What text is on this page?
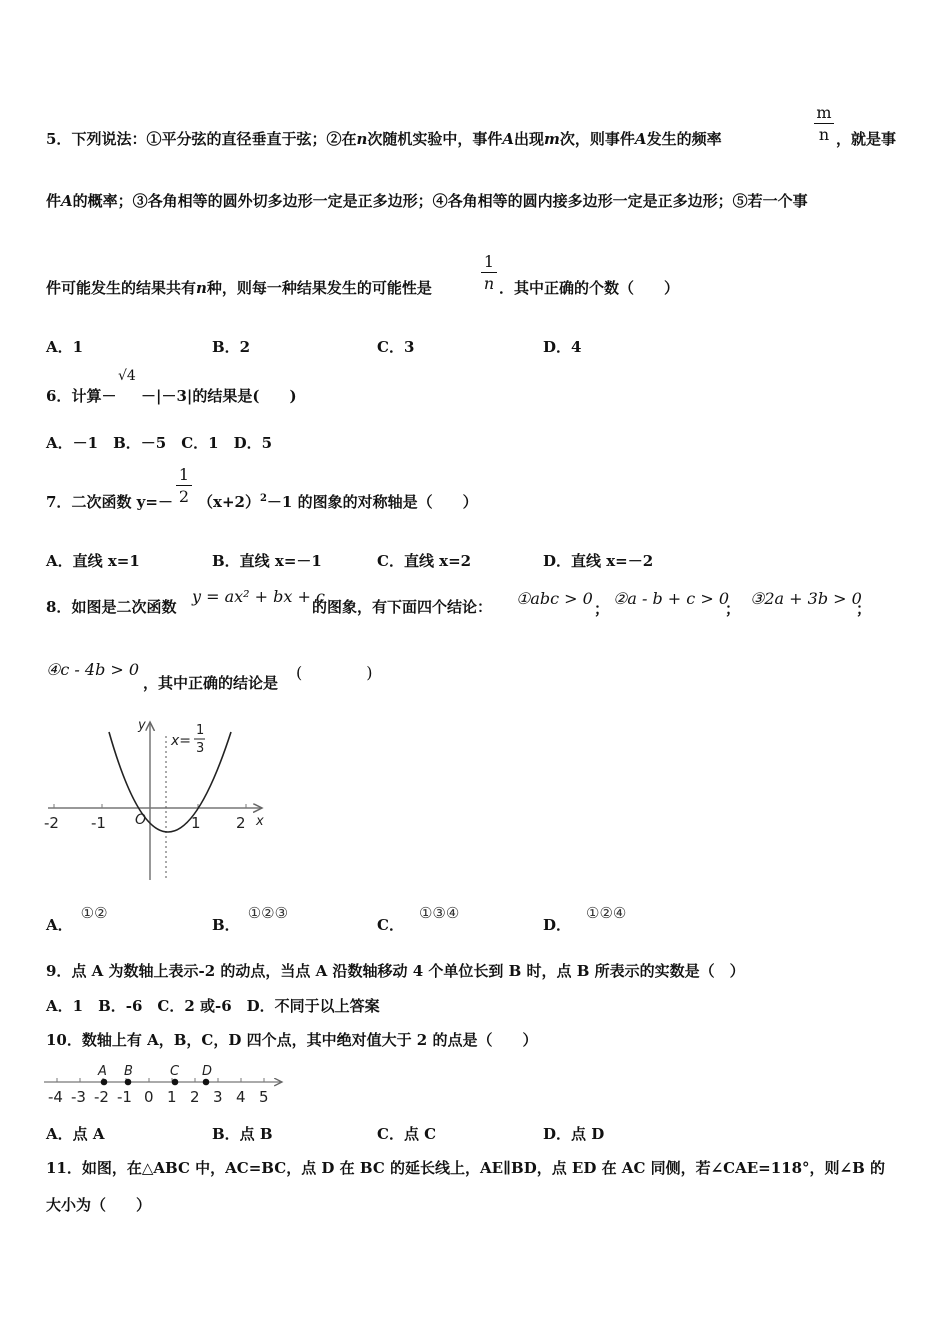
5．下列说法：①平分弦的直径垂直于弦；②在n次随机实验中，事件A出现m次，则事件A发生的频率
m
n ，就是事
件A的概率；③各角相等的圆外切多边形一定是正多边形；④各角相等的圆内接多边形一定是正多边形；⑤若一个事
件可能发生的结果共有n种，则每一种结果发生的可能性是
1
n ．其中正确的个数（　　）
A．1	B．2	C．3	D．4
6．计算－
√4
－|－3|的结果是(　　)
A．－1　B．－5　C．1　D．5
7．二次函数 y=－
1
2 $(x+2)^2-1$ 的图象的对称轴是（　　）
A．直线 x=1	B．直线 x=－1	C．直线 x=2	D．直线 x=－2
8．如图是二次函数
y = ax² + bx + c
的图象，有下面四个结论： ①abc > 0
；
②a - b + c > 0
；
③2a + 3b > 0
；
④c - 4b > 0
，其中正确的结论是
(　　　　)
-2 -1 O	1 2 x
y
x=
1
3
A．①②
B．①②③
C．①③④
D．①②④
9．点 A 为数轴上表示-2 的动点，当点 A 沿数轴移动 4 个单位长到 B 时，点 B 所表示的实数是（　）
A．1　B．-6　C．2 或-6　D．不同于以上答案
10．数轴上有 A，B，C，D 四个点，其中绝对值大于 2 的点是（　　）
A B	C D
-4 -3 -2 -1 0 1 2 3 4 5
A．点 A	B．点 B	C．点 C	D．点 D
11．如图，在△ABC 中，AC=BC，点 D 在 BC 的延长线上，AE∥BD，点 ED 在 AC 同侧，若∠CAE=118°，则∠B 的
大小为（　　）
